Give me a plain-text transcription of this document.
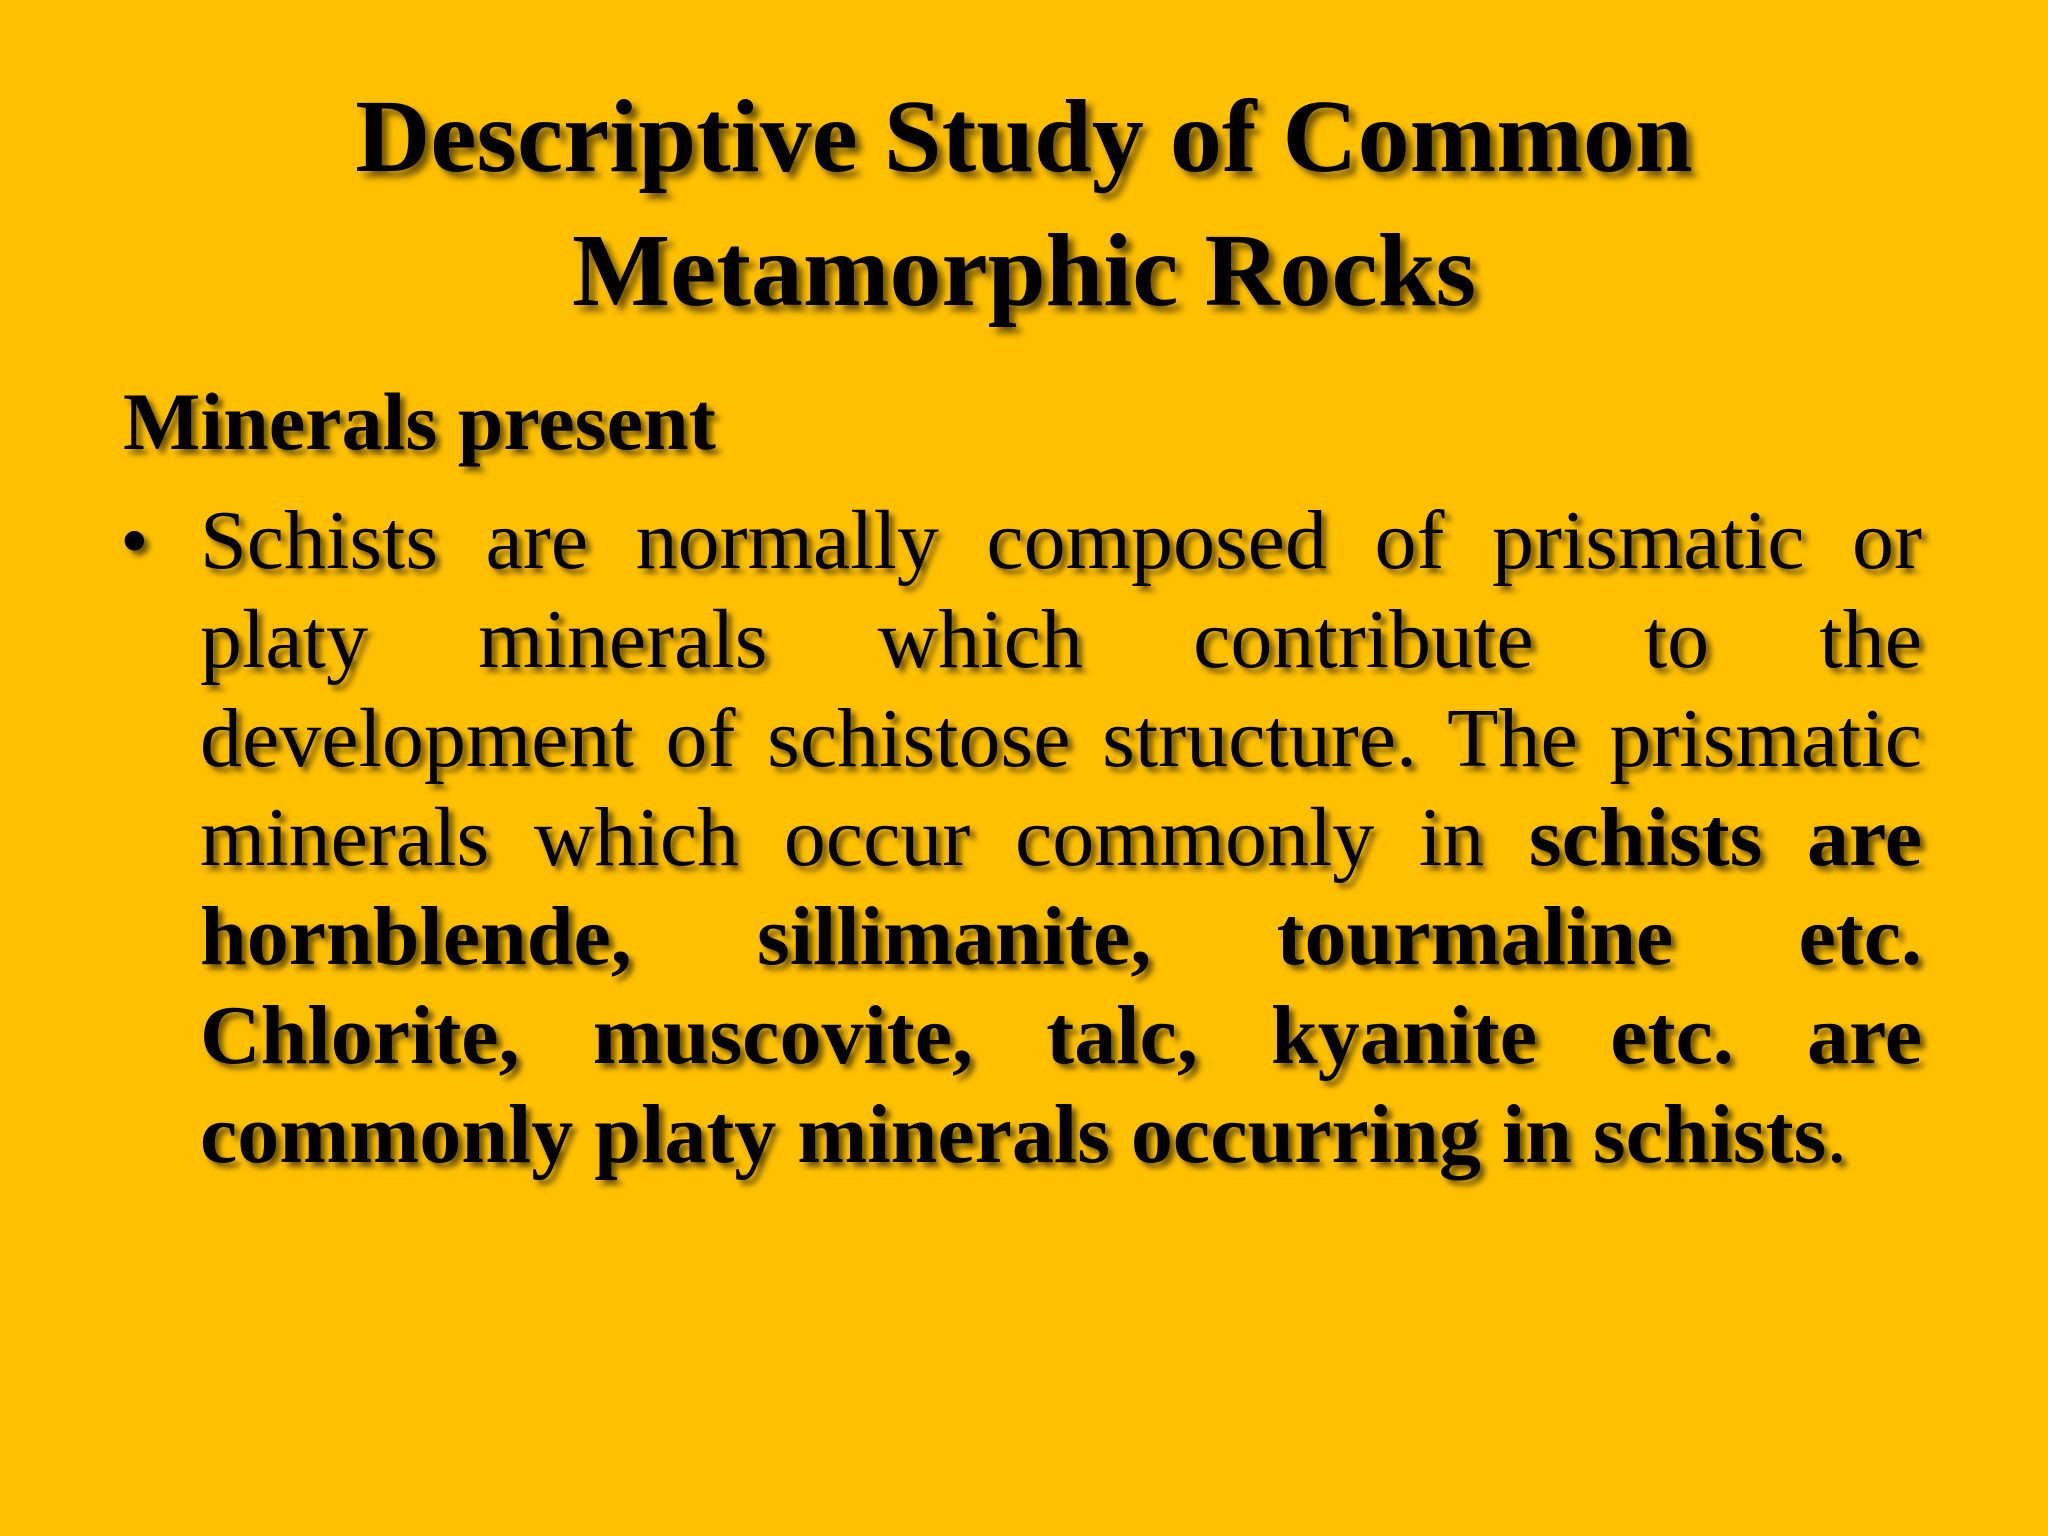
Descriptive Study of Common
Metamorphic Rocks
Minerals present
• Schists are normally composed of prismatic or platy minerals which contribute to the development of schistose structure. The prismatic minerals which occur commonly in schists are hornblende, sillimanite, tourmaline etc. Chlorite, muscovite, talc, kyanite etc. are commonly platy minerals occurring in schists.
